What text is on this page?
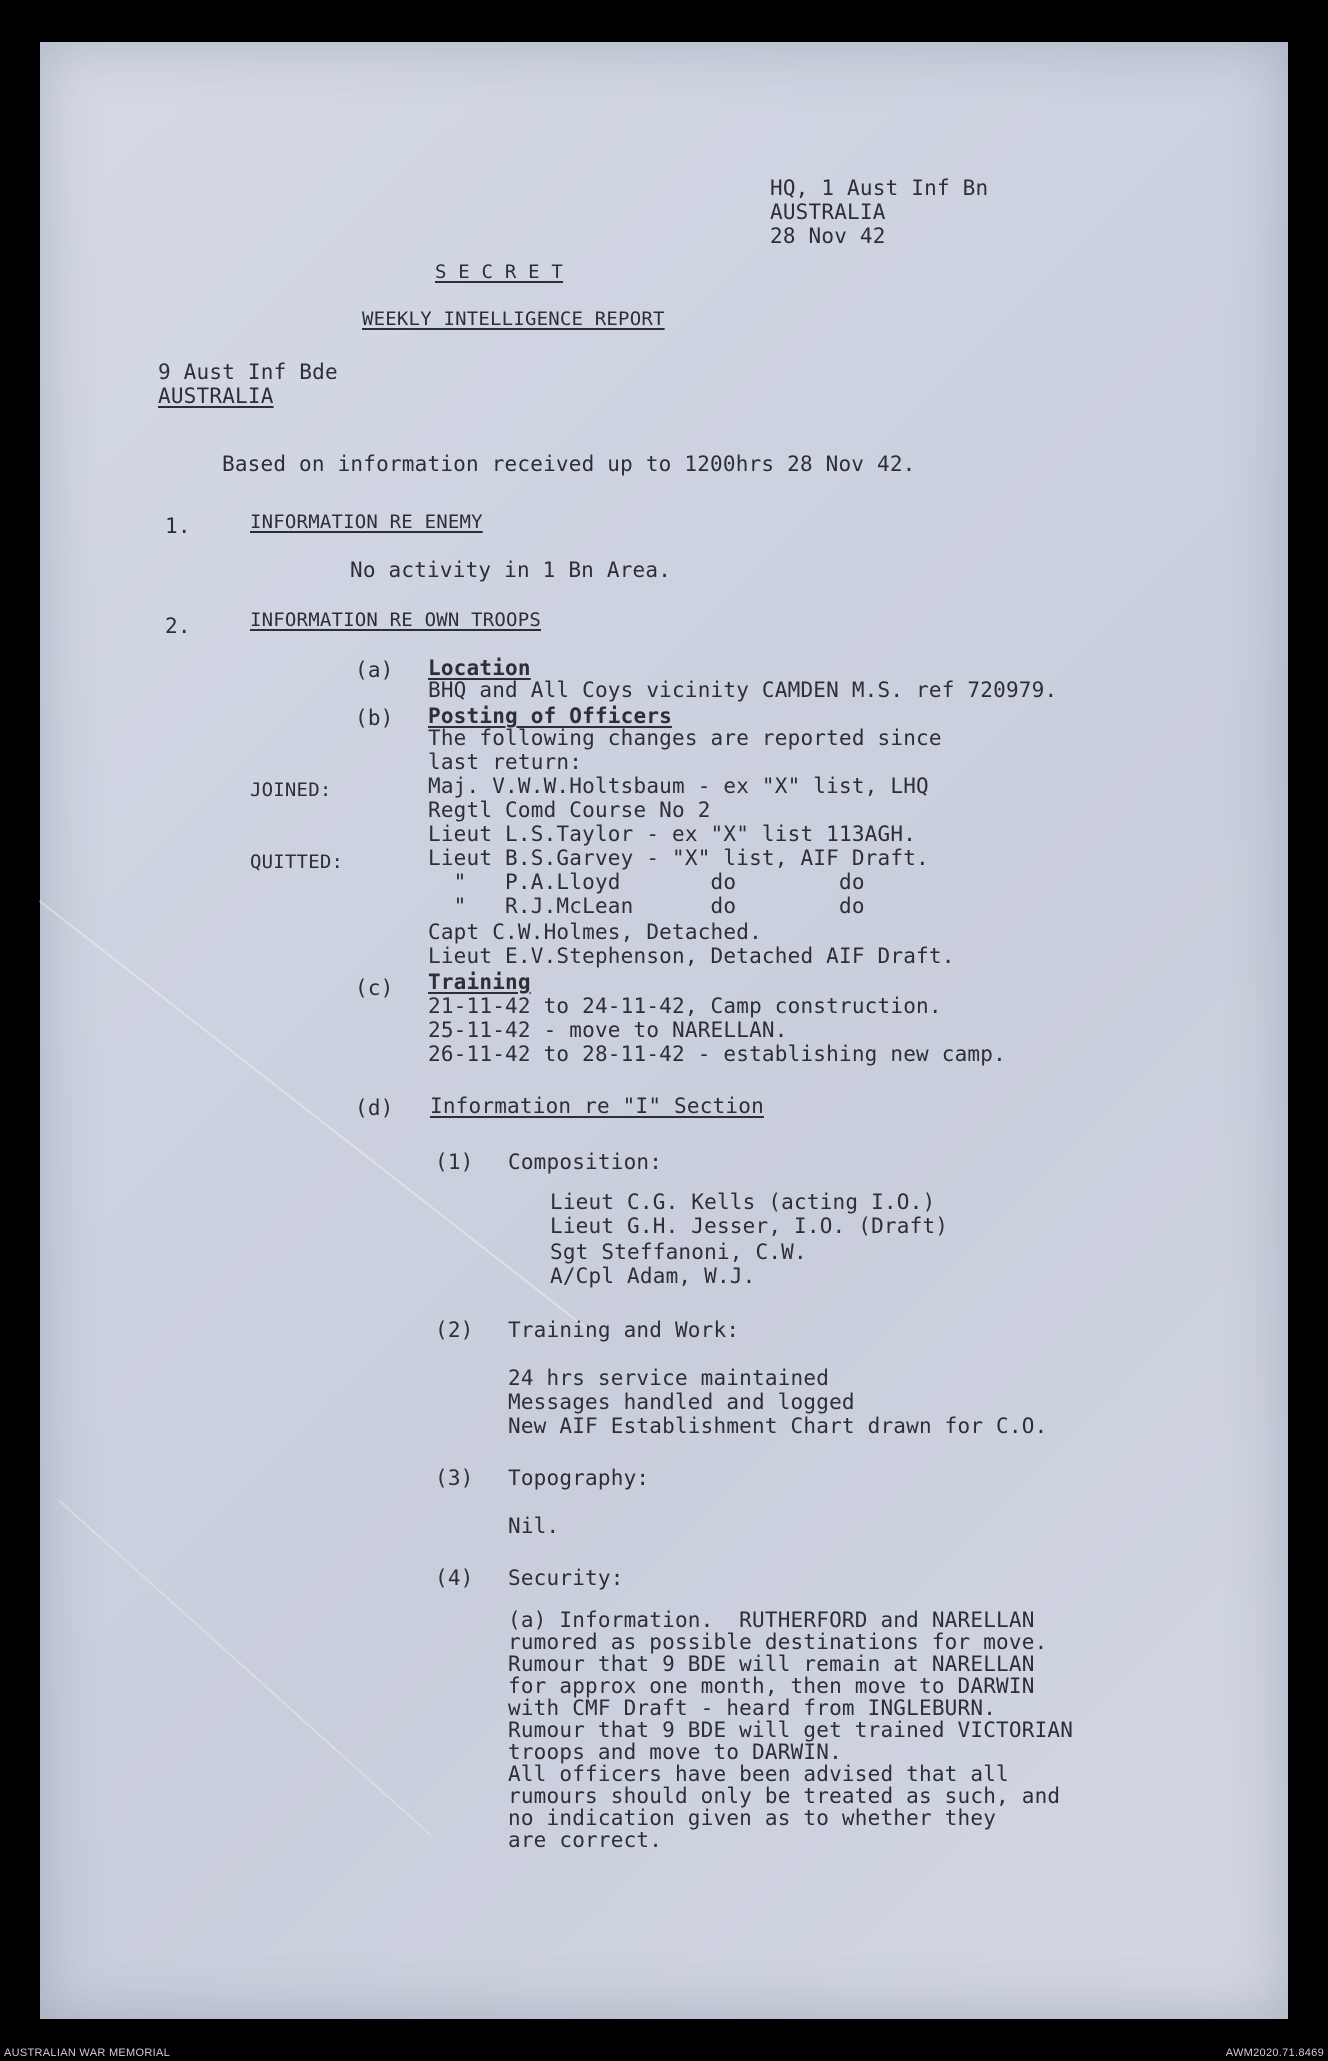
HQ, 1 Aust Inf Bn
AUSTRALIA
28 Nov 42
S E C R E T
WEEKLY INTELLIGENCE REPORT
9 Aust Inf Bde
AUSTRALIA
Based on information received up to 1200hrs 28 Nov 42.
1.	INFORMATION RE ENEMY
No activity in 1 Bn Area.
2.	INFORMATION RE OWN TROOPS
(a) Location
BHQ and All Coys vicinity CAMDEN M.S. ref 720979.
(b) Posting of Officers
The following changes are reported since
last return:
JOINED:	Maj. V.W.W.Holtsbaum - ex "X" list, LHQ
Regtl Comd Course No 2
Lieut L.S.Taylor - ex "X" list 113AGH.
QUITTED:	Lieut B.S.Garvey - "X" list, AIF Draft.
"   P.A.Lloyd       do        do
"   R.J.McLean      do        do
Capt C.W.Holmes, Detached.
Lieut E.V.Stephenson, Detached AIF Draft.
(c) Training
21-11-42 to 24-11-42, Camp construction.
25-11-42 - move to NARELLAN.
26-11-42 to 28-11-42 - establishing new camp.
(d) Information re "I" Section
(1) Composition:
Lieut C.G. Kells (acting I.O.)
Lieut G.H. Jesser, I.O. (Draft)
Sgt Steffanoni, C.W.
A/Cpl Adam, W.J.
(2) Training and Work:
24 hrs service maintained
Messages handled and logged
New AIF Establishment Chart drawn for C.O.
(3) Topography:
Nil.
(4) Security:
(a) Information.  RUTHERFORD and NARELLAN
rumored as possible destinations for move.
Rumour that 9 BDE will remain at NARELLAN
for approx one month, then move to DARWIN
with CMF Draft - heard from INGLEBURN.
Rumour that 9 BDE will get trained VICTORIAN
troops and move to DARWIN.
All officers have been advised that all
rumours should only be treated as such, and
no indication given as to whether they
are correct.
AUSTRALIAN WAR MEMORIAL	AWM2020.71.8469
